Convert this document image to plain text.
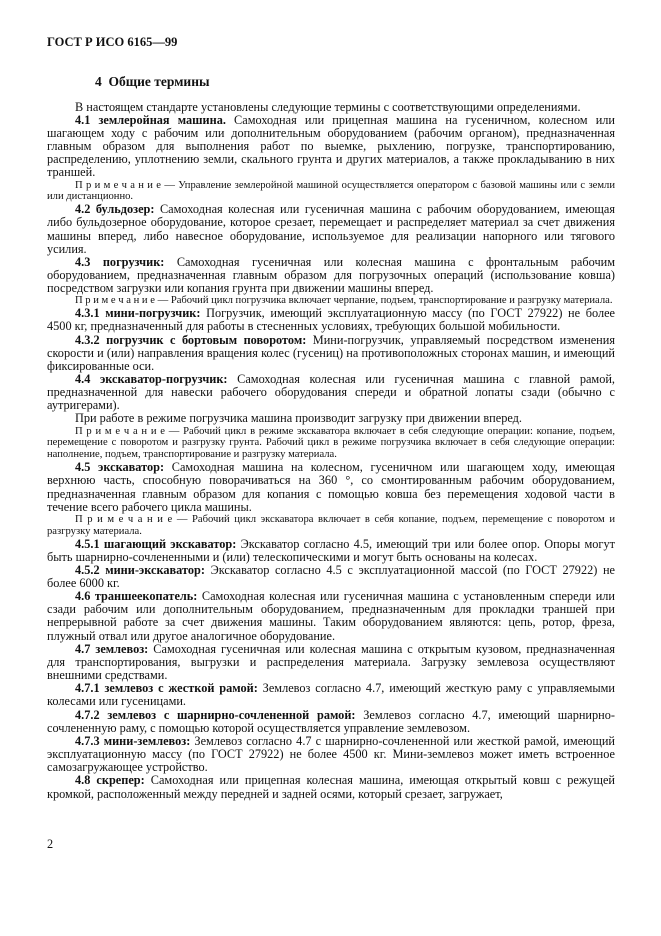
ГОСТ Р ИСО 6165—99
4  Общие термины

В настоящем стандарте установлены следующие термины с соответствующими определениями.

4.1 землеройная машина. Самоходная или прицепная машина на гусеничном, колесном или шагающем ходу с рабочим или дополнительным оборудованием (рабочим органом), предназначенная главным образом для выполнения работ по выемке, рыхлению, погрузке, транспортированию, распределению, уплотнению земли, скального грунта и других материалов, а также прокладыванию в них траншей.

П р и м е ч а н и е — Управление землеройной машиной осуществляется оператором с базовой машины или с земли или дистанционно.

4.2 бульдозер: Самоходная колесная или гусеничная машина с рабочим оборудованием, имеющая либо бульдозерное оборудование, которое срезает, перемещает и распределяет материал за счет движения машины вперед, либо навесное оборудование, используемое для реализации напорного или тягового усилия.

4.3 погрузчик: Самоходная гусеничная или колесная машина с фронтальным рабочим оборудованием, предназначенная главным образом для погрузочных операций (использование ковша) посредством загрузки или копания грунта при движении машины вперед.

П р и м е ч а н и е — Рабочий цикл погрузчика включает черпание, подъем, транспортирование и разгрузку материала.

4.3.1 мини-погрузчик: Погрузчик, имеющий эксплуатационную массу (по ГОСТ 27922) не более 4500 кг, предназначенный для работы в стесненных условиях, требующих большой мобильности.

4.3.2 погрузчик с бортовым поворотом: Мини-погрузчик, управляемый посредством изменения скорости и (или) направления вращения колес (гусениц) на противоположных сторонах машин, и имеющий фиксированные оси.

4.4 экскаватор-погрузчик: Самоходная колесная или гусеничная машина с главной рамой, предназначенной для навески рабочего оборудования спереди и обратной лопаты сзади (обычно с аутригерами).

При работе в режиме погрузчика машина производит загрузку при движении вперед.

П р и м е ч а н и е — Рабочий цикл в режиме экскаватора включает в себя следующие операции: копание, подъем, перемещение с поворотом и разгрузку грунта. Рабочий цикл в режиме погрузчика включает в себя следующие операции: наполнение, подъем, транспортирование и разгрузку материала.

4.5 экскаватор: Самоходная машина на колесном, гусеничном или шагающем ходу, имеющая верхнюю часть, способную поворачиваться на 360 °, со смонтированным рабочим оборудованием, предназначенная главным образом для копания с помощью ковша без перемещения ходовой части в течение всего рабочего цикла машины.

П р и м е ч а н и е — Рабочий цикл экскаватора включает в себя копание, подъем, перемещение с поворотом и разгрузку материала.

4.5.1 шагающий экскаватор: Экскаватор согласно 4.5, имеющий три или более опор. Опоры могут быть шарнирно-сочлененными и (или) телескопическими и могут быть основаны на колесах.

4.5.2 мини-экскаватор: Экскаватор согласно 4.5 с эксплуатационной массой (по ГОСТ 27922) не более 6000 кг.

4.6 траншеекопатель: Самоходная колесная или гусеничная машина с установленным спереди или сзади рабочим или дополнительным оборудованием, предназначенным для прокладки траншей при непрерывной работе за счет движения машины. Таким оборудованием являются: цепь, ротор, фреза, плужный отвал или другое аналогичное оборудование.

4.7 землевоз: Самоходная гусеничная или колесная машина с открытым кузовом, предназначенная для транспортирования, выгрузки и распределения материала. Загрузку землевоза осуществляют внешними средствами.

4.7.1 землевоз с жесткой рамой: Землевоз согласно 4.7, имеющий жесткую раму с управляемыми колесами или гусеницами.

4.7.2 землевоз с шарнирно-сочлененной рамой: Землевоз согласно 4.7, имеющий шарнирно-сочлененную раму, с помощью которой осуществляется управление землевозом.

4.7.3 мини-землевоз: Землевоз согласно 4.7 с шарнирно-сочлененной или жесткой рамой, имеющий эксплуатационную массу (по ГОСТ 27922) не более 4500 кг. Мини-землевоз может иметь встроенное самозагружающее устройство.

4.8 скрепер: Самоходная или прицепная колесная машина, имеющая открытый ковш с режущей кромкой, расположенный между передней и задней осями, который срезает, загружает,

2
